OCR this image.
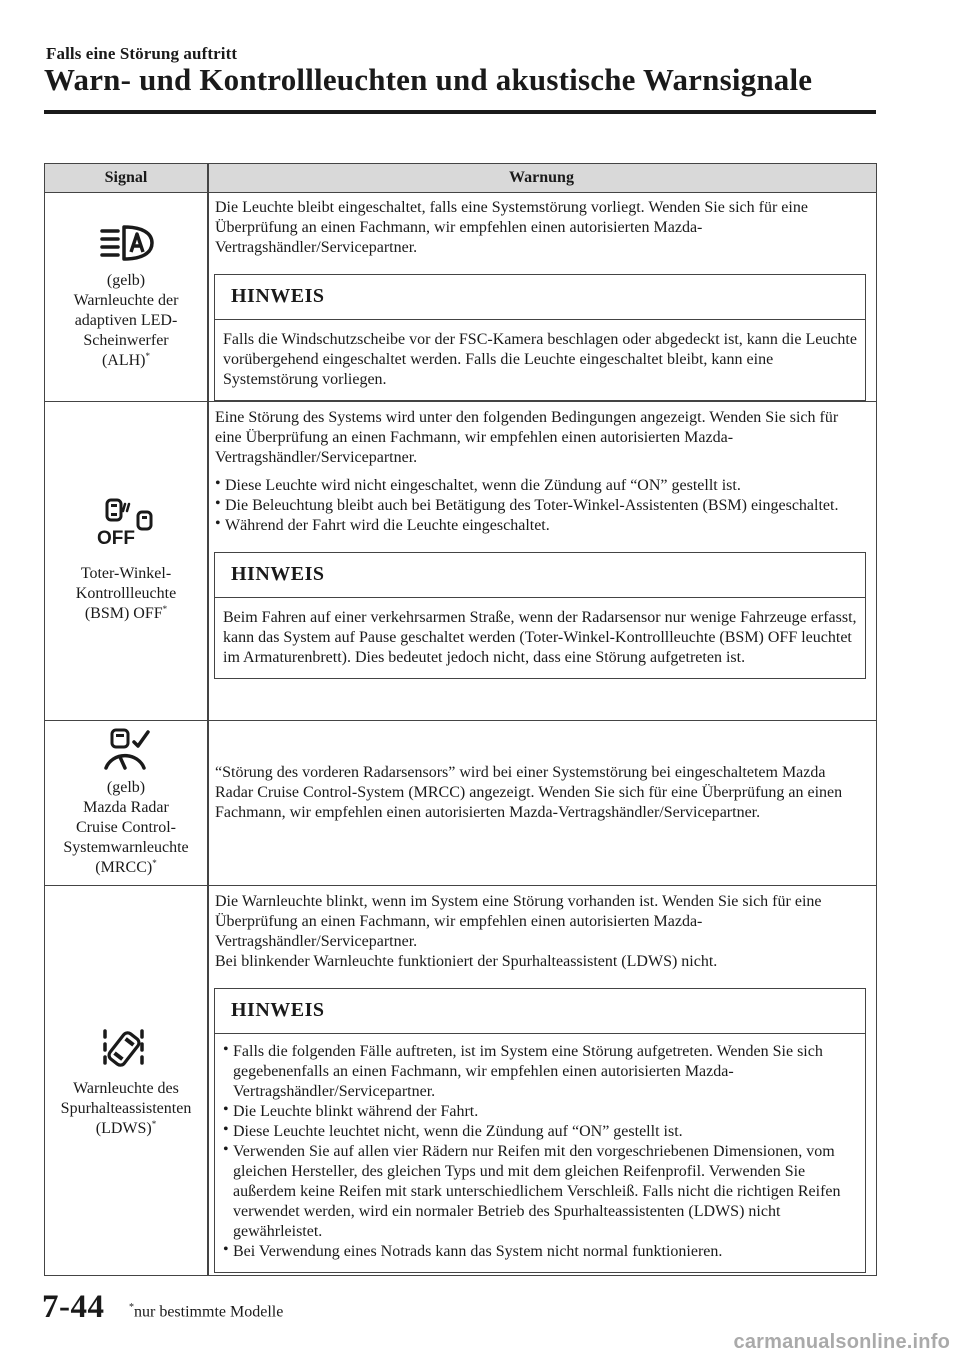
Falls eine Störung auftritt
Warn- und Kontrollleuchten und akustische Warnsignale
Signal	Warnung
(gelb)
Warnleuchte der
adaptiven LED-
Scheinwerfer
(ALH)*

Die Leuchte bleibt eingeschaltet, falls eine Systemstörung vorliegt. Wenden Sie sich für eine Überprüfung an einen Fachmann, wir empfehlen einen autorisierten Mazda-Vertragshändler/Servicepartner.

HINWEIS
Falls die Windschutzscheibe vor der FSC-Kamera beschlagen oder abgedeckt ist, kann die Leuchte vorübergehend eingeschaltet werden. Falls die Leuchte eingeschaltet bleibt, kann eine Systemstörung vorliegen.
OFF
Toter-Winkel-
Kontrollleuchte
(BSM) OFF*

Eine Störung des Systems wird unter den folgenden Bedingungen angezeigt. Wenden Sie sich für eine Überprüfung an einen Fachmann, wir empfehlen einen autorisierten Mazda-Vertragshändler/Servicepartner.

• Diese Leuchte wird nicht eingeschaltet, wenn die Zündung auf “ON” gestellt ist.
• Die Beleuchtung bleibt auch bei Betätigung des Toter-Winkel-Assistenten (BSM) eingeschaltet.
• Während der Fahrt wird die Leuchte eingeschaltet.
HINWEIS
Beim Fahren auf einer verkehrsarmen Straße, wenn der Radarsensor nur wenige Fahrzeuge erfasst, kann das System auf Pause geschaltet werden (Toter-Winkel-Kontrollleuchte (BSM) OFF leuchtet im Armaturenbrett). Dies bedeutet jedoch nicht, dass eine Störung aufgetreten ist.
(gelb)
Mazda Radar
Cruise Control-
Systemwarnleuchte
(MRCC)*

“Störung des vorderen Radarsensors” wird bei einer Systemstörung bei eingeschaltetem Mazda Radar Cruise Control-System (MRCC) angezeigt. Wenden Sie sich für eine Überprüfung an einen Fachmann, wir empfehlen einen autorisierten Mazda-Vertragshändler/Servicepartner.

Warnleuchte des
Spurhalteassistenten
(LDWS)*

Die Warnleuchte blinkt, wenn im System eine Störung vorhanden ist. Wenden Sie sich für eine Überprüfung an einen Fachmann, wir empfehlen einen autorisierten Mazda-Vertragshändler/Servicepartner.

Bei blinkender Warnleuchte funktioniert der Spurhalteassistent (LDWS) nicht.

HINWEIS
• Falls die folgenden Fälle auftreten, ist im System eine Störung aufgetreten. Wenden Sie sich gegebenenfalls an einen Fachmann, wir empfehlen einen autorisierten Mazda-Vertragshändler/Servicepartner.
• Die Leuchte blinkt während der Fahrt.
• Diese Leuchte leuchtet nicht, wenn die Zündung auf “ON” gestellt ist.
• Verwenden Sie auf allen vier Rädern nur Reifen mit den vorgeschriebenen Dimensionen, vom gleichen Hersteller, des gleichen Typs und mit dem gleichen Reifenprofil. Verwenden Sie außerdem keine Reifen mit stark unterschiedlichem Verschleiß. Falls nicht die richtigen Reifen verwendet werden, wird ein normaler Betrieb des Spurhalteassistenten (LDWS) nicht gewährleistet.
• Bei Verwendung eines Notrads kann das System nicht normal funktionieren.
7-44 *nur bestimmte Modelle
carmanualsonline.info
